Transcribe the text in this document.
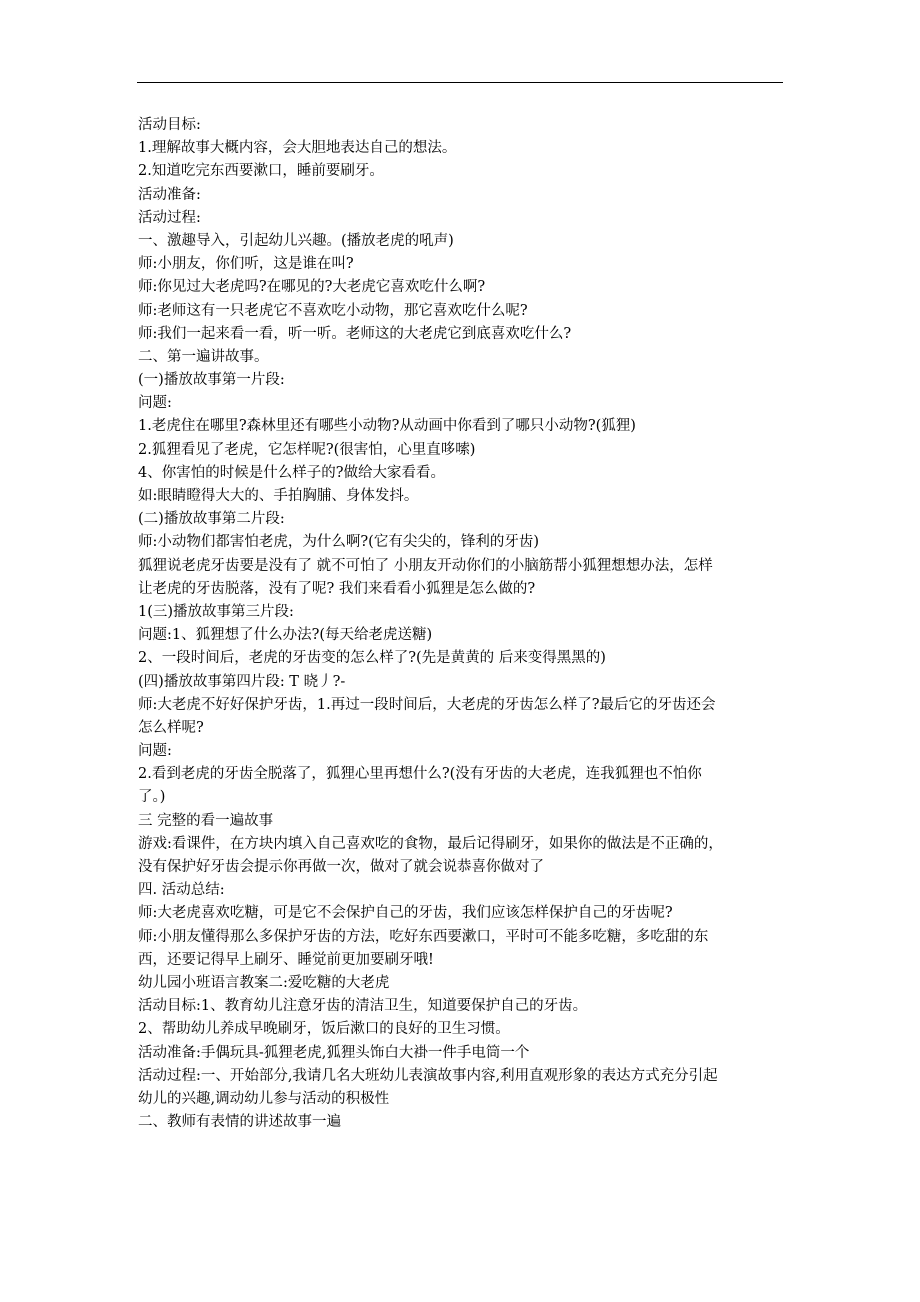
活动目标:
1.理解故事大概内容，会大胆地表达自己的想法。
2.知道吃完东西要漱口，睡前要刷牙。
活动准备:
活动过程:
一、激趣导入，引起幼儿兴趣。(播放老虎的吼声)
师:小朋友，你们听，这是谁在叫?
师:你见过大老虎吗?在哪见的?大老虎它喜欢吃什么啊?
师:老师这有一只老虎它不喜欢吃小动物，那它喜欢吃什么呢?
师:我们一起来看一看，听一听。老师这的大老虎它到底喜欢吃什么?
二、第一遍讲故事。
(一)播放故事第一片段:
问题:
1.老虎住在哪里?森林里还有哪些小动物?从动画中你看到了哪只小动物?(狐狸)
2.狐狸看见了老虎，它怎样呢?(很害怕，心里直哆嗦)
4、你害怕的时候是什么样子的?做给大家看看。
如:眼睛瞪得大大的、手拍胸脯、身体发抖。
(二)播放故事第二片段:
师:小动物们都害怕老虎，为什么啊?(它有尖尖的，锋利的牙齿)
狐狸说老虎牙齿要是没有了 就不可怕了 小朋友开动你们的小脑筋帮小狐狸想想办法，怎样
让老虎的牙齿脱落，没有了呢? 我们来看看小狐狸是怎么做的?
1(三)播放故事第三片段:
问题:1、狐狸想了什么办法?(每天给老虎送糖)
2、一段时间后，老虎的牙齿变的怎么样了?(先是黄黄的 后来变得黑黑的)
(四)播放故事第四片段: T 晓丿?-
师:大老虎不好好保护牙齿，1.再过一段时间后，大老虎的牙齿怎么样了?最后它的牙齿还会
怎么样呢?
问题:
2.看到老虎的牙齿全脱落了，狐狸心里再想什么?(没有牙齿的大老虎，连我狐狸也不怕你
了。)
三 完整的看一遍故事
游戏:看课件，在方块内填入自己喜欢吃的食物，最后记得刷牙，如果你的做法是不正确的，
没有保护好牙齿会提示你再做一次，做对了就会说恭喜你做对了
四. 活动总结:
师:大老虎喜欢吃糖，可是它不会保护自己的牙齿，我们应该怎样保护自己的牙齿呢?
师:小朋友懂得那么多保护牙齿的方法，吃好东西要漱口，平时可不能多吃糖，多吃甜的东
西，还要记得早上刷牙、睡觉前更加要刷牙哦!
幼儿园小班语言教案二:爱吃糖的大老虎
活动目标:1、教育幼儿注意牙齿的清洁卫生，知道要保护自己的牙齿。
2、帮助幼儿养成早晚刷牙，饭后漱口的良好的卫生习惯。
活动准备:手偶玩具-狐狸老虎,狐狸头饰白大褂一件手电筒一个
活动过程:一、开始部分,我请几名大班幼儿表演故事内容,利用直观形象的表达方式充分引起
幼儿的兴趣,调动幼儿参与活动的积极性
二、教师有表情的讲述故事一遍
